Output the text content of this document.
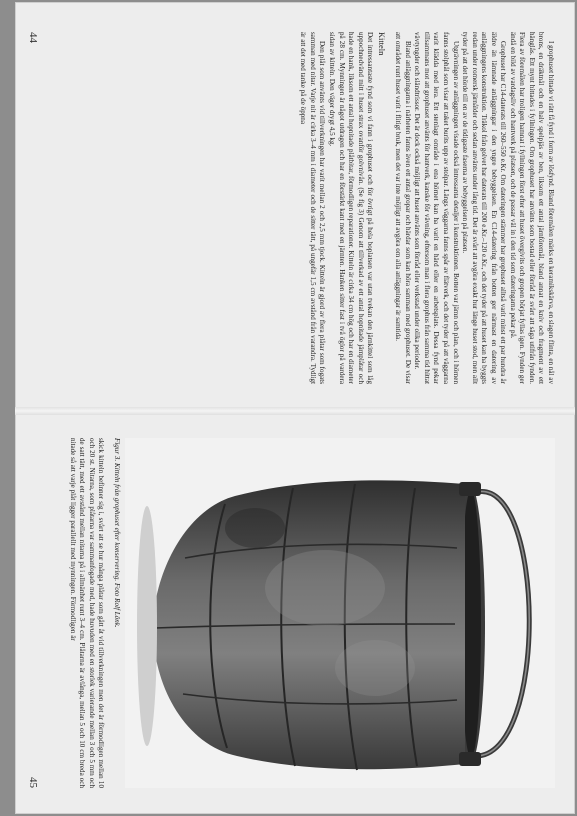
I grophuset hittade vi rätt få fynd i form av lösfynd. Bland föremålen märks en keramikskärva, en slagen flinta, en nål av brons, en dräktnål och en halv spelpjäs av ben, liksom ett antal järnföremål, bland annat en kniv och fragment av ett hänglås. Ett mynt hittades i fyllningen. Om grophuset har använts som bostad eller förråd är svårt att säga utifrån fynden. Flera av föremålen har troligen hamnat i fyllningen först efter att huset övergivits och gropen börjat fyllas igen. Fynden ger ändå en bild av vardagsliv och hantverk på platsen, och de passar väl in i den tid som dateringarna pekar på.

Grophuset har C14-daterats till 260–550 e.Kr. Om dateringen stämmer har grophuset alltså varit minst ett par hundra år äldre än lämnade anläggningar i den yngre bebyggelsen. En C14-datering från botten ger närmast en datering av anläggningens konstruktion. Träkol från golvet har daterats till 200 e.Kr.–120 e.Kr., och det tyder på att huset kan ha byggts redan under romersk järnålder och sedan använts under lång tid. Det är svårt att avgöra exakt hur länge huset stod, men allt tyder på att det hörde till en av de tidigaste faserna av bebyggelsen på platsen.

Utgrävningen av anläggningen visade också intressanta detaljer i konstruktionen. Botten var jämn och plan, och i hörnen fanns stolphål som visar att taket burits upp av stolpar. Längs väggarna fanns spår av flätverk, och det tyder på att väggarna varit klädda med lera. Ett stenlagt område i ena hörnet kan ha varit en härd eller en arbetsplats. Dessa fynd pekar tillsammans mot att grophuset använts för hantverk, kanske för vävning, eftersom man i flera grophus från samma tid hittat vävtyngder och sländtrissor. Det är dock också möjligt att huset använts som förråd eller verkstad under olika perioder.

Bland anläggningarna i närheten fanns även ett antal gropar och härdar som kan höra samman med grophuset. De visar att området runt huset varit i flitigt bruk, men det var inte möjligt att avgöra om alla anläggningar är samtida.

Kitteln

Det intressantaste fynd som vi fann i grophuset och för övrigt på hela boplatsen var utan tvekan den järnkittel som låg uppochnedvänd mitt i huset strax ovanför golvnivån. (Se fig 3) Genom att tillverkad av ett antal hopnitade järnplåtar och hade en hank, liksom ett antal hopnitade plåtbitar, förmodligen reparationer. Kitteln är cirka 34 cm hög och har en diameter på 28 cm. Mynningen är något utdragen och har en förstärkt kant med en järnten. Hanken sitter fast i två öglor på vardera sidan av kitteln. Den väger drygt 4,5 kg.

Den plåt som använts vid tillverkningen har varit mellan 2 och 2,5 mm tjock. Kitteln är gjord av flera plåtar som fogats samman med nitar. Varje nit är cirka 3–4 mm i diameter och de sitter tätt, på ungefär 1,5 cm avstånd från varandra. Tydligt är att det med tanke på de öppna

44
Figur 3. Kitteln från grophuset efter konservering. Foto Rolf Lönk.

skick kitteln befinner sig i, svårt att se hur många plåtar som gått åt vid tillverkningen men det är förmodligen mellan 10 och 20 st. Nitarna, som plåtarna var sammanfogade med, hade huvuden med en storlek varierande mellan 3 och 5 mm och de satt tätt, med ett avstånd mellan nitarna på i allmänhet runt 3–4 cm. Plåtarna är avlånga, mellan 5 och 10 cm breda och nitade så att varje plåt ligger parallellt med mynningen. Förmodligen är

45
